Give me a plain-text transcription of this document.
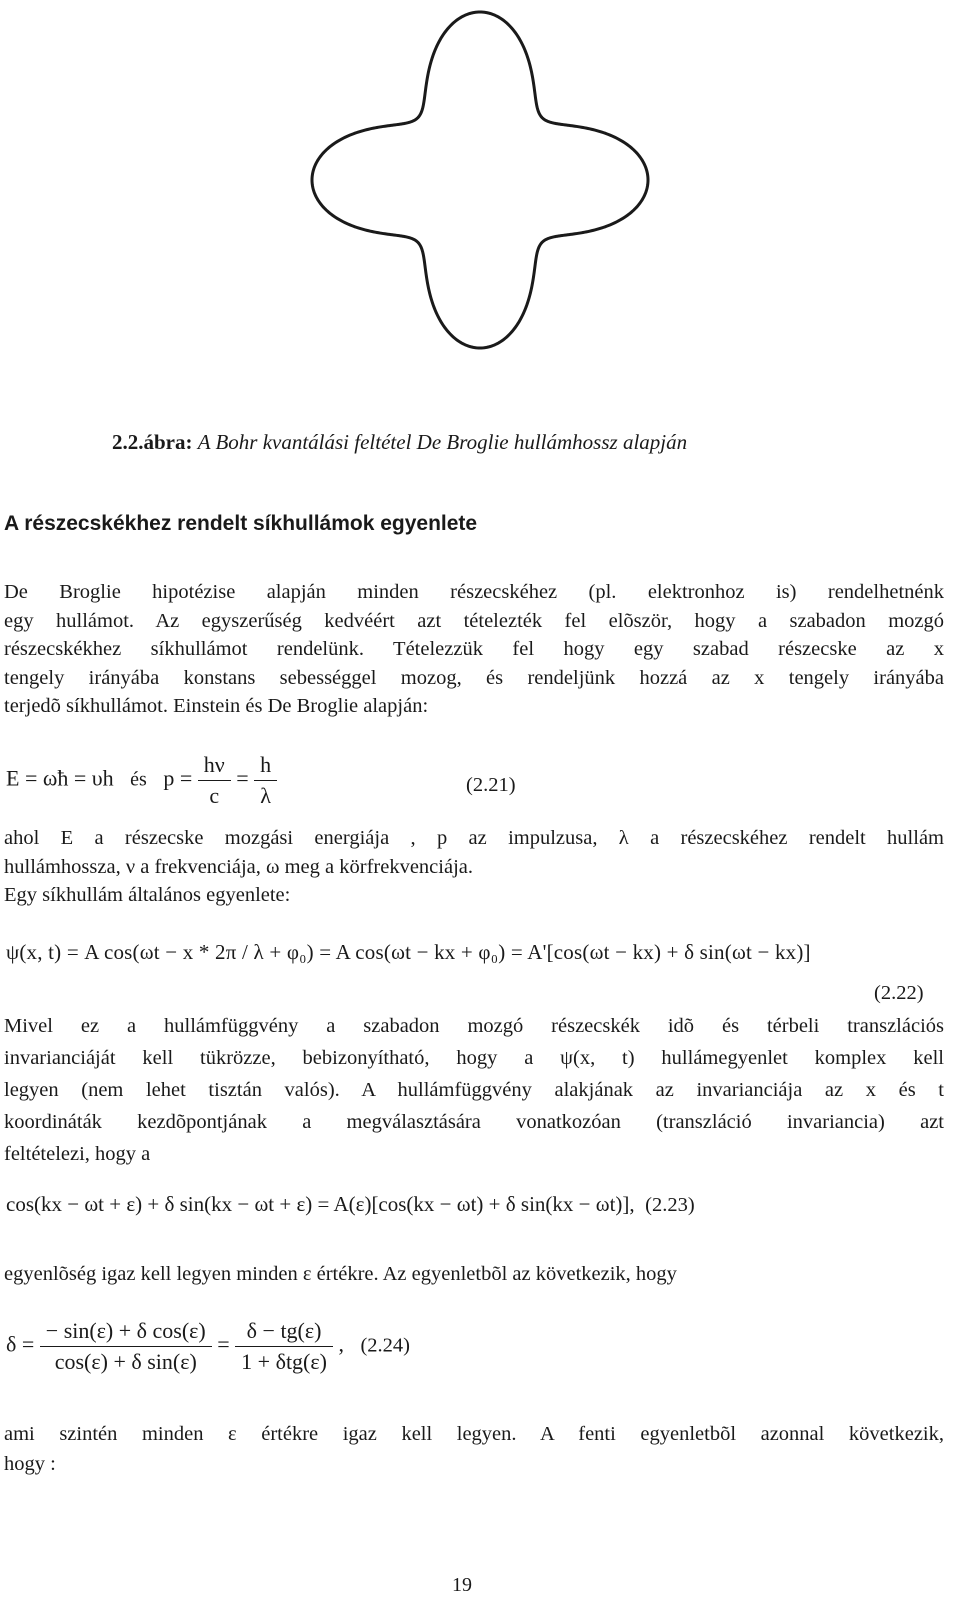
2.2.ábra: A Bohr kvantálási feltétel De Broglie hullámhossz alapján
A részecskékhez rendelt síkhullámok egyenlete
De Broglie hipotézise alapján minden részecskéhez (pl. elektronhoz is) rendelhetnénk
egy hullámot. Az egyszerűség kedvéért azt tételezték fel elõször, hogy a szabadon mozgó
részecskékhez síkhullámot rendelünk. Tételezzük fel hogy egy szabad részecske az x
tengely irányába konstans sebességgel mozog, és rendeljünk hozzá az x tengely irányába
terjedõ síkhullámot. Einstein és De Broglie alapján:
E = ωħ = υh és $p = \frac{h\nu}{c} = \frac{h}{\lambda}$	(2.21)
ahol E a részecske mozgási energiája , p az impulzusa, λ a részecskéhez rendelt hullám
hullámhossza, ν a frekvenciája, ω meg a körfrekvenciája.
Egy síkhullám általános egyenlete:
ψ(x, t) = A cos(ωt − x * 2π / λ + φ₀) = A cos(ωt − kx + φ₀) = A'[cos(ωt − kx) + δ sin(ωt − kx)]
(2.22)
Mivel ez a hullámfüggvény a szabadon mozgó részecskék idõ és térbeli transzlációs
invarianciáját kell tükrözze, bebizonyítható, hogy a ψ(x, t) hullámegyenlet komplex kell
legyen (nem lehet tisztán valós). A hullámfüggvény alakjának az invarianciája az x és t
koordináták kezdõpontjának a megválasztására vonatkozóan (transzláció invariancia) azt
feltételezi, hogy a
cos(kx − ωt + ε) + δ sin(kx − ωt + ε) = A(ε)[cos(kx − ωt) + δ sin(kx − ωt)], (2.23)
egyenlõség igaz kell legyen minden ε értékre. Az egyenletbõl az következik, hogy
$\delta = \frac{\text{− sin(ε) + δ cos(ε)}}{\text{cos(ε) + δ sin(ε)}} = \frac{\delta - tg(\varepsilon)}{\text{1 + δtg(ε)}}$ , (2.24)
ami szintén minden ε értékre igaz kell legyen. A fenti egyenletbõl azonnal következik,
hogy :
19
